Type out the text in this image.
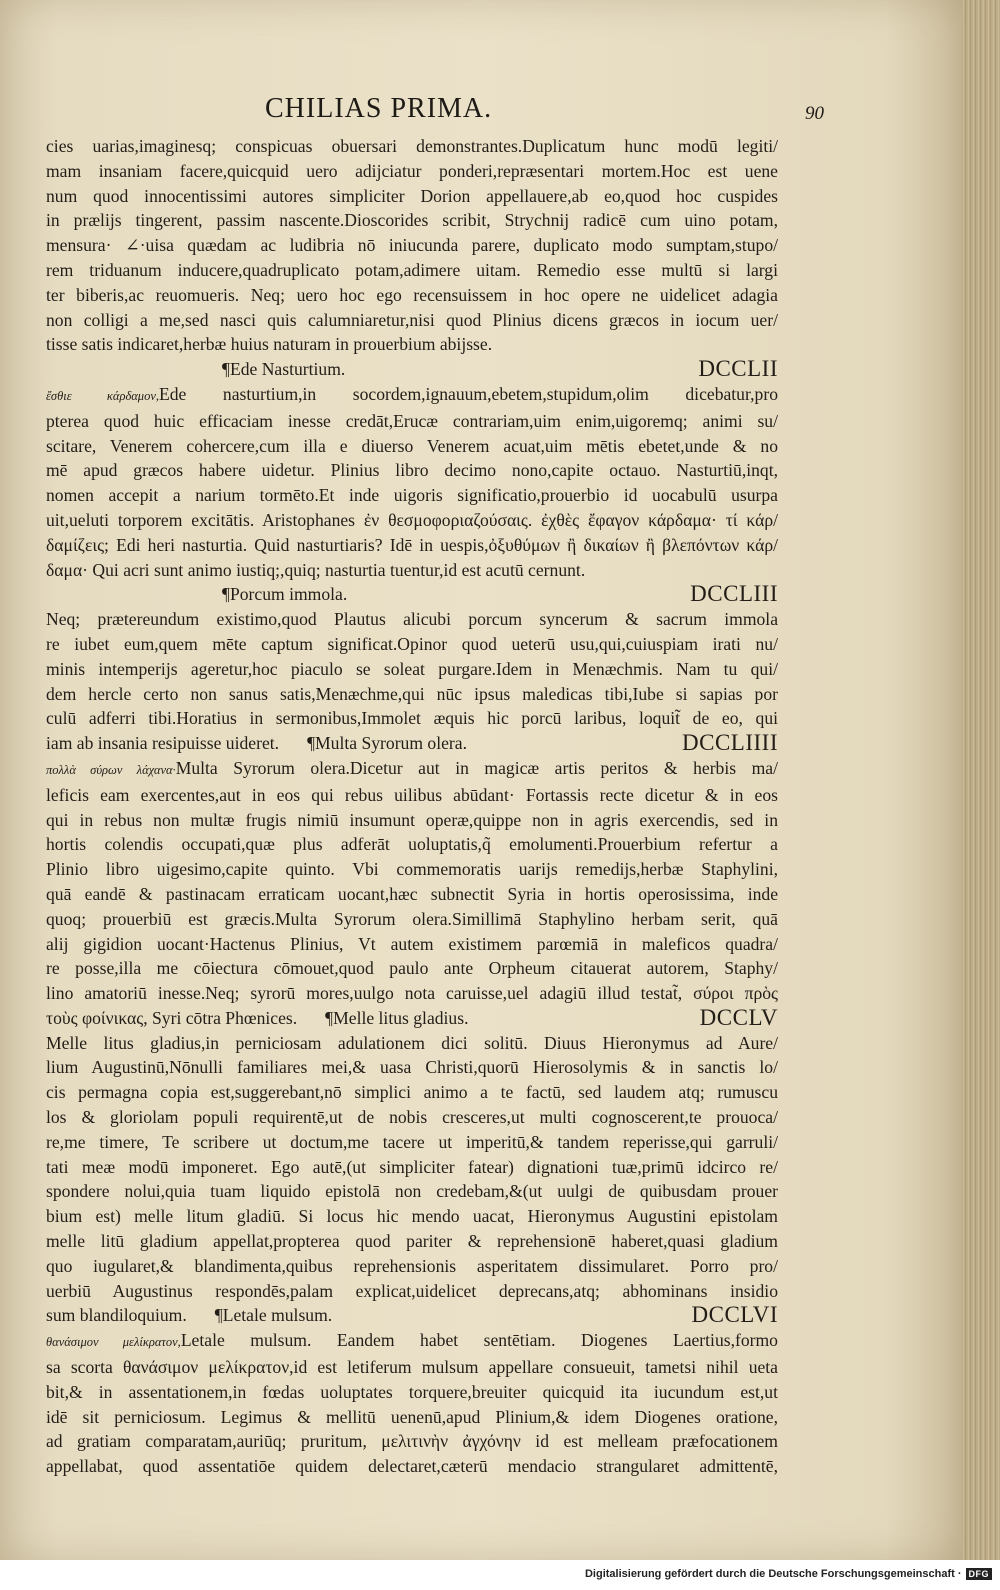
CHILIAS PRIMA.	90
cies uarias,imaginesq; conspicuas obuersari demonstrantes.Duplicatum hunc modū legiti/
mam insaniam facere,quicquid uero adijciatur ponderi,repræsentari mortem.Hoc est uene
num quod innocentissimi autores simpliciter Dorion appellauere,ab eo,quod hoc cuspides
in prælijs tingerent, passim nascente.Dioscorides scribit, Strychnij radicē cum uino potam,
mensura· ∠·uisa quædam ac ludibria nō iniucunda parere, duplicato modo sumptam,stupo/
rem triduanum inducere,quadruplicato potam,adimere uitam. Remedio esse multū si largi
ter biberis,ac reuomueris. Neq; uero hoc ego recensuissem in hoc opere ne uidelicet adagia
non colligi a me,sed nasci quis calumniaretur,nisi quod Plinius dicens græcos in iocum uer/
tisse satis indicaret,herbæ huius naturam in prouerbium abijsse.
¶Ede Nasturtium.	DCCLII
ἔσθιε κάρδαμον,Ede nasturtium,in socordem,ignauum,ebetem,stupidum,olim dicebatur,pro
pterea quod huic efficaciam inesse credāt,Erucæ contrariam,uim enim,uigoremq; animi su/
scitare, Venerem cohercere,cum illa e diuerso Venerem acuat,uim mētis ebetet,unde & no
mē apud græcos habere uidetur. Plinius libro decimo nono,capite octauo. Nasturtiū,inqt,
nomen accepit a narium tormēto.Et inde uigoris significatio,prouerbio id uocabulū usurpa
uit,ueluti torporem excitātis. Aristophanes ἐν θεσμοφοριαζούσαις. ἐχθὲς ἔφαγον κάρδαμα· τί κάρ/
δαμίζεις; Edi heri nasturtia. Quid nasturtiaris? Idē in uespis,ὀξυθύμων ἢ δικαίων ἢ βλεπόντων κάρ/
δαμα· Qui acri sunt animo iustiq;,quiq; nasturtia tuentur,id est acutū cernunt.
¶Porcum immola.	DCCLIII
Neq; prætereundum existimo,quod Plautus alicubi porcum syncerum & sacrum immola
re iubet eum,quem mēte captum significat.Opinor quod ueterū usu,qui,cuiuspiam irati nu/
minis intemperijs ageretur,hoc piaculo se soleat purgare.Idem in Menæchmis. Nam tu qui/
dem hercle certo non sanus satis,Menæchme,qui nūc ipsus maledicas tibi,Iube si sapias por
culū adferri tibi.Horatius in sermonibus,Immolet æquis hic porcū laribus, loquit̃ de eo, qui
iam ab insania resipuisse uideret. ¶Multa Syrorum olera.	DCCLIIII
πολλὰ σύρων λάχανα·Multa Syrorum olera.Dicetur aut in magicæ artis peritos & herbis ma/
leficis eam exercentes,aut in eos qui rebus uilibus abūdant· Fortassis recte dicetur & in eos
qui in rebus non multæ frugis nimiū insumunt operæ,quippe non in agris exercendis, sed in
hortis colendis occupati,quæ plus adferāt uoluptatis,q̃ emolumenti.Prouerbium refertur a
Plinio libro uigesimo,capite quinto. Vbi commemoratis uarijs remedijs,herbæ Staphylini,
quā eandē & pastinacam erraticam uocant,hæc subnectit Syria in hortis operosissima, inde
quoq; prouerbiū est græcis.Multa Syrorum olera.Simillimā Staphylino herbam serit, quā
alij gigidion uocant·Hactenus Plinius, Vt autem existimem parœmiā in maleficos quadra/
re posse,illa me cōiectura cōmouet,quod paulo ante Orpheum citauerat autorem, Staphy/
lino amatoriū inesse.Neq; syrorū mores,uulgo nota caruisse,uel adagiū illud testat̃, σύροι πρὸς
τοὺς φοίνικας, Syri cōtra Phœnices. ¶Melle litus gladius.	DCCLV
Melle litus gladius,in perniciosam adulationem dici solitū. Diuus Hieronymus ad Aure/
lium Augustinū,Nōnulli familiares mei,& uasa Christi,quorū Hierosolymis & in sanctis lo/
cis permagna copia est,suggerebant,nō simplici animo a te factū, sed laudem atq; rumuscu
los & gloriolam populi requirentē,ut de nobis cresceres,ut multi cognoscerent,te prouoca/
re,me timere, Te scribere ut doctum,me tacere ut imperitū,& tandem reperisse,qui garruli/
tati meæ modū imponeret. Ego autē,(ut simpliciter fatear) dignationi tuæ,primū idcirco re/
spondere nolui,quia tuam liquido epistolā non credebam,&(ut uulgi de quibusdam prouer
bium est) melle litum gladiū. Si locus hic mendo uacat, Hieronymus Augustini epistolam
melle litū gladium appellat,propterea quod pariter & reprehensionē haberet,quasi gladium
quo iugularet,& blandimenta,quibus reprehensionis asperitatem dissimularet. Porro pro/
uerbiū Augustinus respondēs,palam explicat,uidelicet deprecans,atq; abhominans insidio
sum blandiloquium. ¶Letale mulsum.	DCCLVI
θανάσιμον μελίκρατον,Letale mulsum. Eandem habet sentētiam. Diogenes Laertius,formo
sa scorta θανάσιμον μελίκρατον,id est letiferum mulsum appellare consueuit, tametsi nihil ueta
bit,& in assentationem,in fœdas uoluptates torquere,breuiter quicquid ita iucundum est,ut
idē sit perniciosum. Legimus & mellitū uenenū,apud Plinium,& idem Diogenes oratione,
ad gratiam comparatam,auriūq; pruritum, μελιτινὴν ἀγχόνην id est melleam præfocationem
appellabat, quod assentatiōe quidem delectaret,cæterū mendacio strangularet admittentē,
Digitalisierung gefördert durch die Deutsche Forschungsgemeinschaft · DFG
